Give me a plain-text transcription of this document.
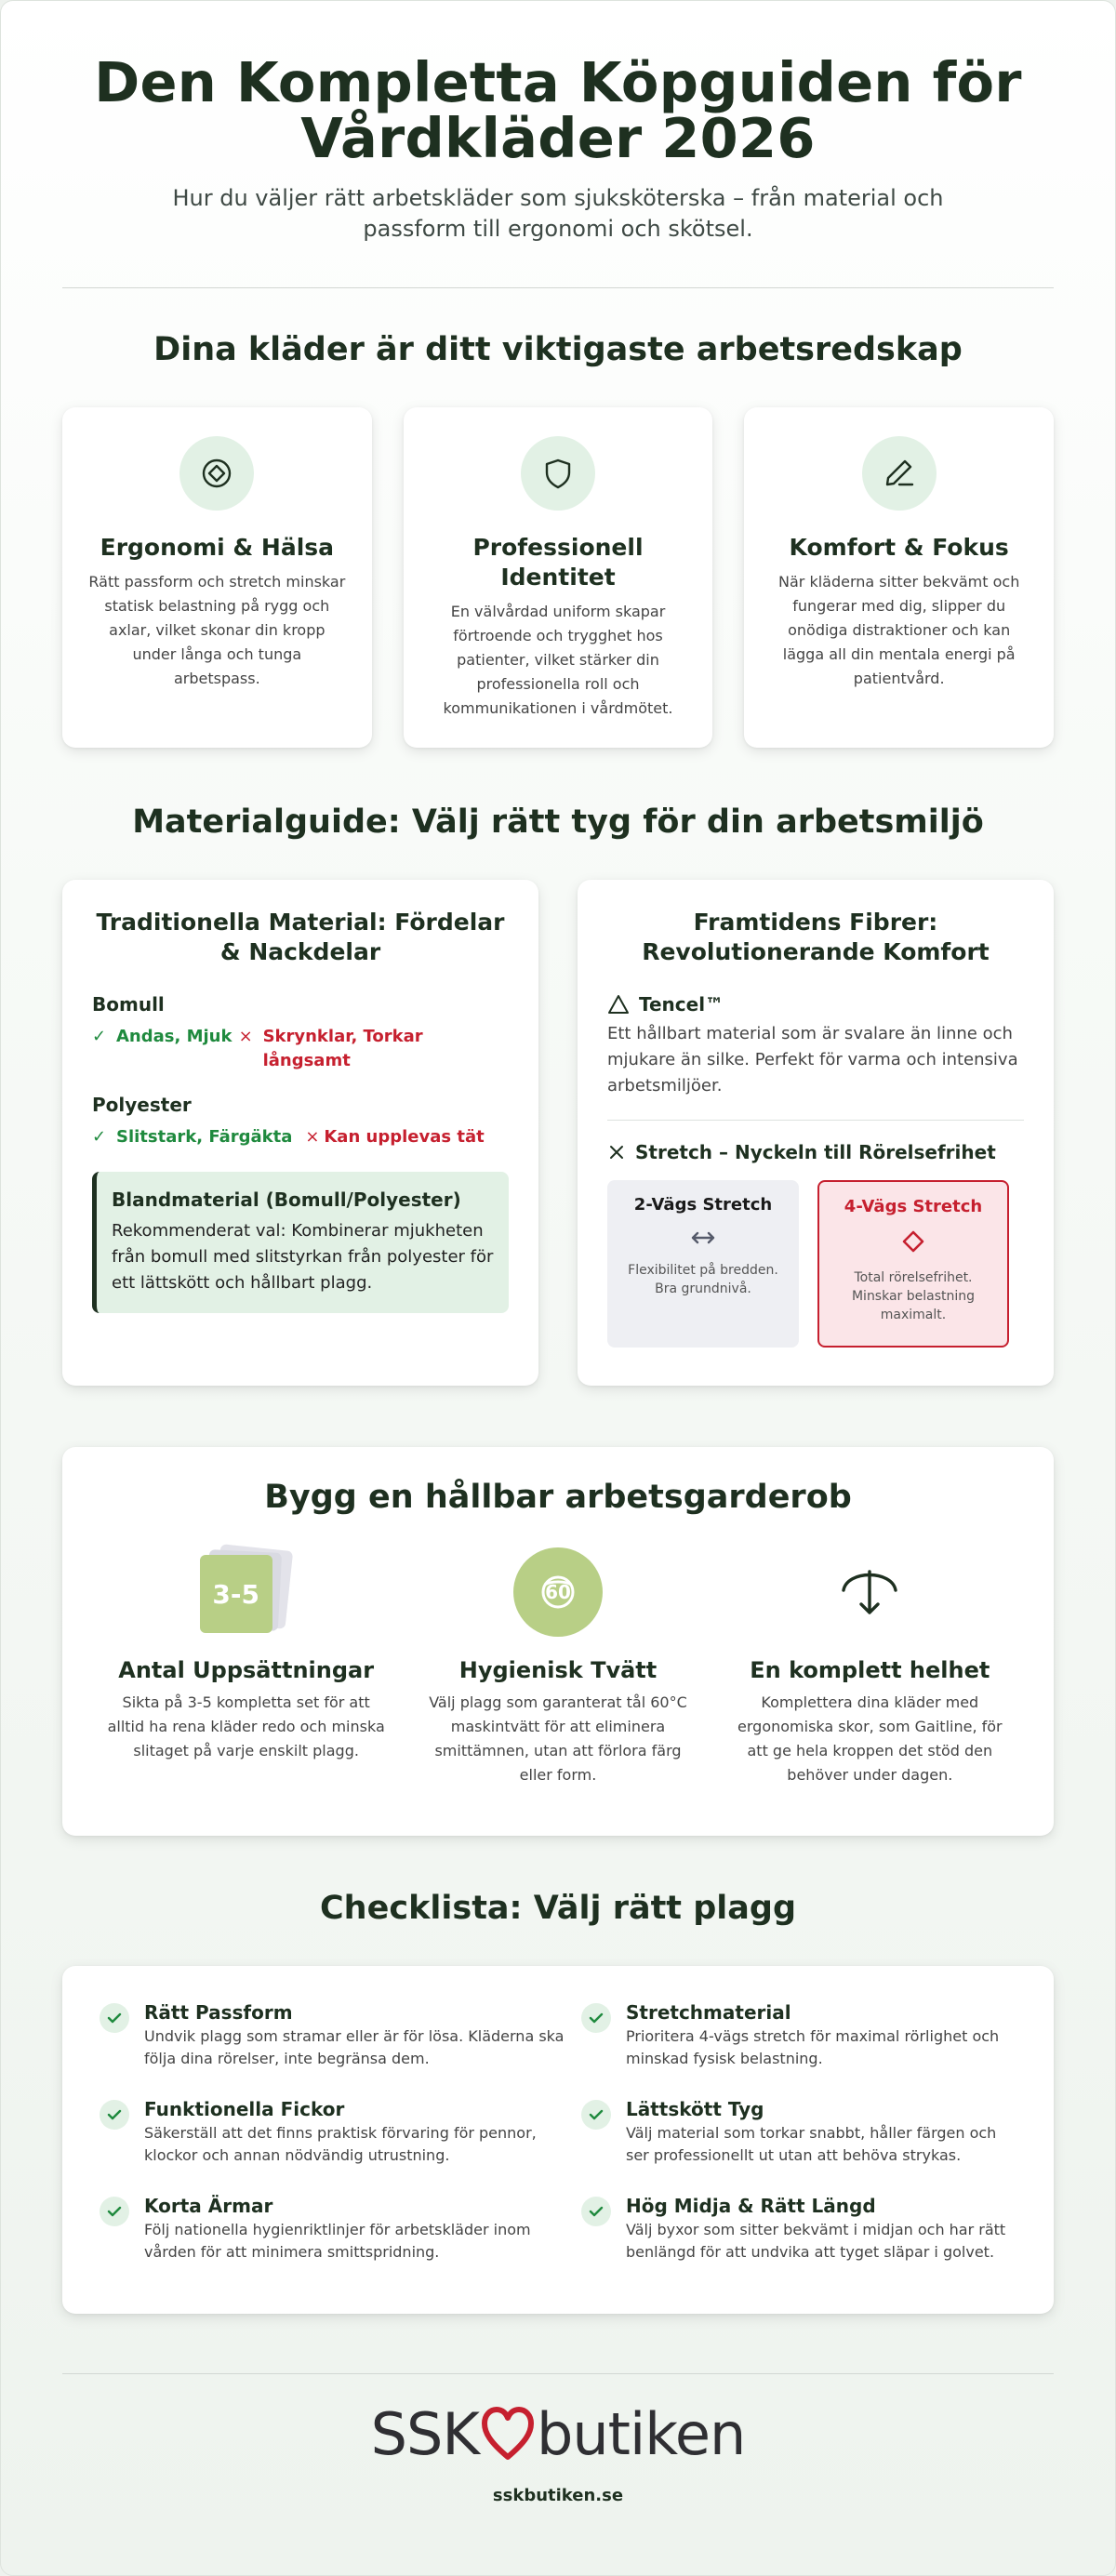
Den Kompletta Köpguiden för Vårdkläder 2026

Hur du väljer rätt arbetskläder som sjuksköterska – från material och passform till ergonomi och skötsel.

Dina kläder är ditt viktigaste arbetsredskap
Ergonomi & Hälsa
Rätt passform och stretch minskar statisk belastning på rygg och axlar, vilket skonar din kropp under långa och tunga arbetspass.
Professionell Identitet
En välvårdad uniform skapar förtroende och trygghet hos patienter, vilket stärker din professionella roll och kommunikationen i vårdmötet.
Komfort & Fokus
När kläderna sitter bekvämt och fungerar med dig, slipper du onödiga distraktioner och kan lägga all din mentala energi på patientvård.
Materialguide: Välj rätt tyg för din arbetsmiljö
Traditionella Material: Fördelar & Nackdelar
Bomull
✓ Andas, Mjuk × Skrynklar, Torkar långsamt
Polyester
✓ Slitstark, Färgäkta × Kan upplevas tät
Blandmaterial (Bomull/Polyester)
Rekommenderat val: Kombinerar mjukheten från bomull med slitstyrkan från polyester för ett lättskött och hållbart plagg.
Framtidens Fibrer: Revolutionerande Komfort
Tencel™
Ett hållbart material som är svalare än linne och mjukare än silke. Perfekt för varma och intensiva arbetsmiljöer.
Stretch – Nyckeln till Rörelsefrihet
2-Vägs Stretch
Flexibilitet på bredden. Bra grundnivå.
4-Vägs Stretch
Total rörelsefrihet. Minskar belastning maximalt.
Bygg en hållbar arbetsgarderob
3-5
Antal Uppsättningar
Sikta på 3-5 kompletta set för att alltid ha rena kläder redo och minska slitaget på varje enskilt plagg.
60
Hygienisk Tvätt
Välj plagg som garanterat tål 60°C maskintvätt för att eliminera smittämnen, utan att förlora färg eller form.
En komplett helhet
Komplettera dina kläder med ergonomiska skor, som Gaitline, för att ge hela kroppen det stöd den behöver under dagen.
Checklista: Välj rätt plagg
Rätt Passform
Undvik plagg som stramar eller är för lösa. Kläderna ska följa dina rörelser, inte begränsa dem.
Stretchmaterial
Prioritera 4-vägs stretch för maximal rörlighet och minskad fysisk belastning.
Funktionella Fickor
Säkerställ att det finns praktisk förvaring för pennor, klockor och annan nödvändig utrustning.
Lättskött Tyg
Välj material som torkar snabbt, håller färgen och ser professionellt ut utan att behöva strykas.
Korta Ärmar
Följ nationella hygienriktlinjer för arbetskläder inom vården för att minimera smittspridning.
Hög Midja & Rätt Längd
Välj byxor som sitter bekvämt i midjan och har rätt benlängd för att undvika att tyget släpar i golvet.
SSK butiken
sskbutiken.se
